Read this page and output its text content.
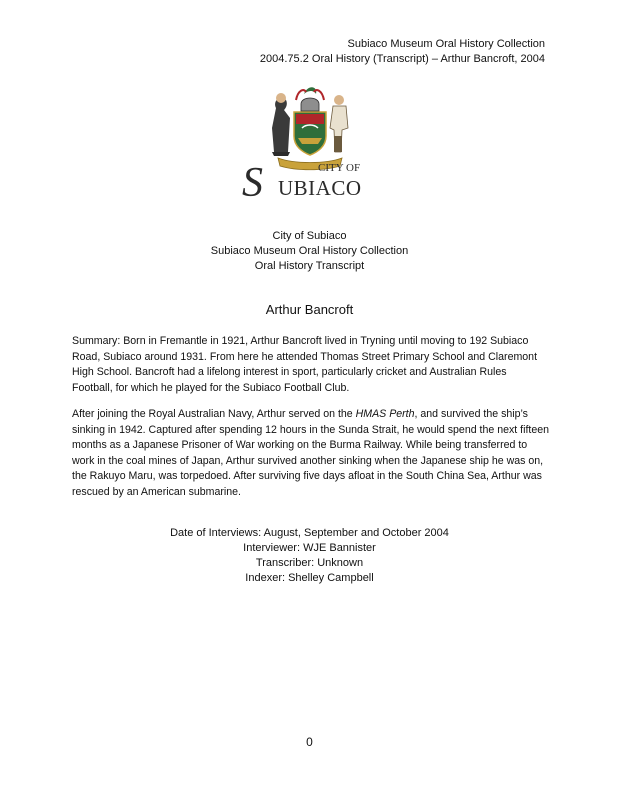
Subiaco Museum Oral History Collection
2004.75.2 Oral History (Transcript) – Arthur Bancroft, 2004
CITY OF
S UBIACO
City of Subiaco
Subiaco Museum Oral History Collection
Oral History Transcript
Arthur Bancroft

Summary: Born in Fremantle in 1921, Arthur Bancroft lived in Tryning until moving to 192 Subiaco Road, Subiaco around 1931. From here he attended Thomas Street Primary School and Claremont High School. Bancroft had a lifelong interest in sport, particularly cricket and Australian Rules Football, for which he played for the Subiaco Football Club.

After joining the Royal Australian Navy, Arthur served on the HMAS Perth, and survived the ship’s sinking in 1942. Captured after spending 12 hours in the Sunda Strait, he would spend the next fifteen months as a Japanese Prisoner of War working on the Burma Railway. While being transferred to work in the coal mines of Japan, Arthur survived another sinking when the Japanese ship he was on, the Rakuyo Maru, was torpedoed. After surviving five days afloat in the South China Sea, Arthur was rescued by an American submarine.

Date of Interviews: August, September and October 2004
Interviewer: WJE Bannister
Transcriber: Unknown
Indexer: Shelley Campbell
0
